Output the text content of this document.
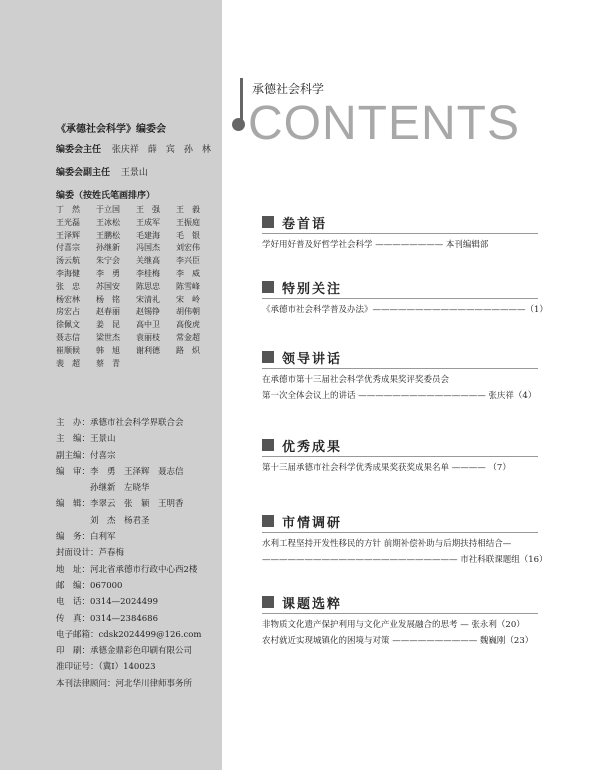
《承德社会科学》编委会
编委会主任 张庆祥　薛　宾　孙　林
编委会副主任 王景山
编委（按姓氏笔画排序）
丁　然	于立国	王　强	王　毅
王光磊	王冰松	王成军	王振庭
王泽辉	王鹏松	毛建海	毛　银
付喜宗	孙继新	冯国杰	刘宏伟
汤云航	朱宁会	关继高	李兴臣
李海健	李　勇	李桂梅	李　威
张　忠	苏国安	陈思忠	陈雪峰
杨宏林	杨　铭	宋清礼	宋　岭
房宏占	赵春丽	赵锡铮	胡伟朝
徐佩文	姜　昆	高中卫	高俊虎
聂志信	梁世杰	袁丽枝	常金超
崔顺候	韩　旭	谢利德	路　炽
裴　超	蔡　青
主　办：承德市社会科学界联合会
主　编：王景山
副主编：付喜宗
编　审：李　勇　王泽辉　聂志信
　　　　孙继新　左晓华
编　辑：李翠云　张　颖　王明香
　　　　刘　杰　杨君圣
编　务：白利军
封面设计：芦春梅
地　址：河北省承德市行政中心西2楼
邮　编：067000
电　话：0314—2024499
传　真：0314—2384686
电子邮箱：cdsk2024499@126.com
印　刷：承德金鼎彩色印刷有限公司
准印证号：（冀Ⅰ）140023
本刊法律顾问：河北华川律师事务所
承德社会科学
CONTENTS
卷首语
学好用好普及好哲学社会科学 ———————— 本刊编辑部
特别关注
《承德市社会科学普及办法》——————————————————（1）
领导讲话
在承德市第十三届社会科学优秀成果奖评奖委员会
第一次全体会议上的讲话 ——————————————— 张庆祥（4）
优秀成果
第十三届承德市社会科学优秀成果奖获奖成果名单 ———— （7）
市情调研
水利工程坚持开发性移民的方针 前期补偿补助与后期扶持相结合—
——————————————————————— 市社科联课题组（16）
课题选粹
非物质文化遗产保护利用与文化产业发展融合的思考 — 张永利（20）
农村就近实现城镇化的困境与对策 —————————— 魏巍刚（23）
